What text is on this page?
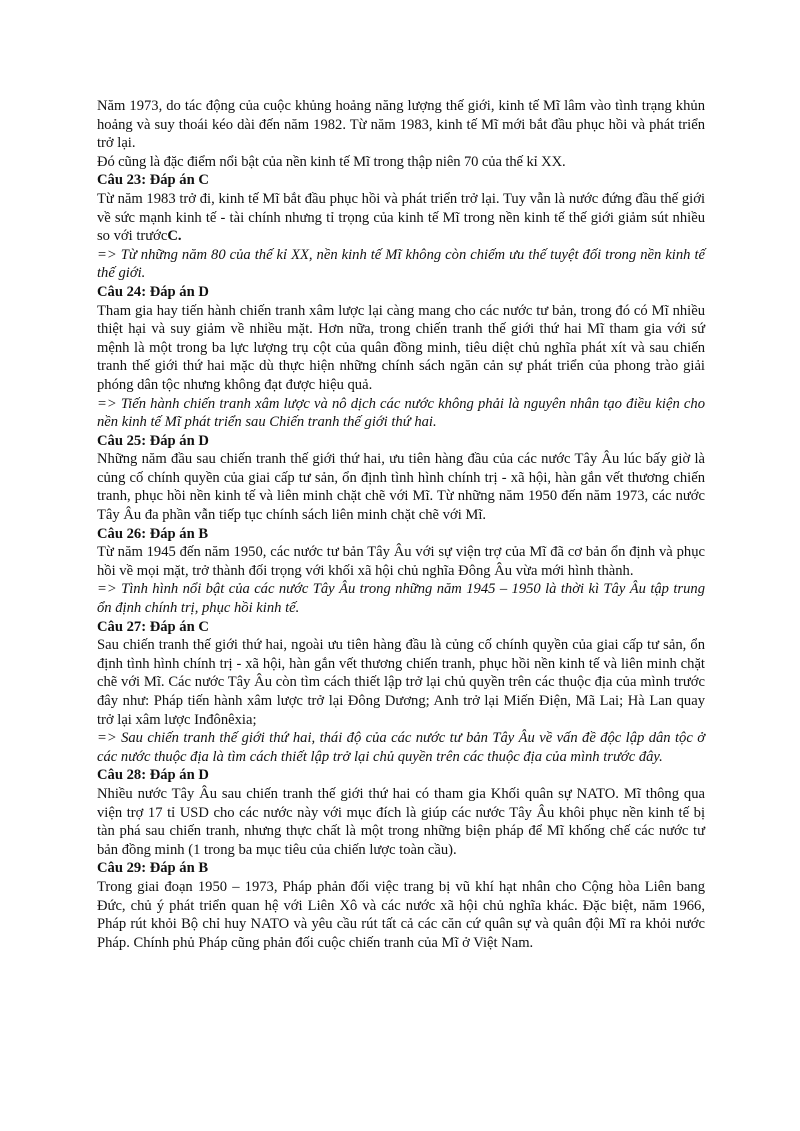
Năm 1973, do tác động của cuộc khủng hoảng năng lượng thế giới, kinh tế Mĩ lâm vào tình trạng khủn hoảng và suy thoái kéo dài đến năm 1982. Từ năm 1983, kinh tế Mĩ mới bắt đầu phục hồi và phát triển trở lại.

Đó cũng là đặc điểm nổi bật của nền kinh tế Mĩ trong thập niên 70 của thế kỉ XX.

Câu 23: Đáp án C

Từ năm 1983 trở đi, kinh tế Mĩ bắt đầu phục hồi và phát triển trở lại. Tuy vẫn là nước đứng đầu thế giới về sức mạnh kinh tế - tài chính nhưng tỉ trọng của kinh tế Mĩ trong nền kinh tế thế giới giảm sút nhiều so với trướcC.

=> Từ những năm 80 của thế kỉ XX, nền kinh tế Mĩ không còn chiếm ưu thế tuyệt đối trong nền kinh tế thế giới.

Câu 24: Đáp án D

Tham gia hay tiến hành chiến tranh xâm lược lại càng mang cho các nước tư bản, trong đó có Mĩ nhiều thiệt hại và suy giảm về nhiều mặt. Hơn nữa, trong chiến tranh thế giới thứ hai Mĩ tham gia với sứ mệnh là một trong ba lực lượng trụ cột của quân đồng minh, tiêu diệt chủ nghĩa phát xít và sau chiến tranh thế giới thứ hai mặc dù thực hiện những chính sách ngăn cản sự phát triển của phong trào giải phóng dân tộc nhưng không đạt được hiệu quả.

=> Tiến hành chiến tranh xâm lược và nô dịch các nước không phải là nguyên nhân tạo điều kiện cho nền kinh tế Mĩ phát triển sau Chiến tranh thế giới thứ hai.

Câu 25: Đáp án D

Những năm đầu sau chiến tranh thế giới thứ hai, ưu tiên hàng đầu của các nước Tây Âu lúc bấy giờ là củng cố chính quyền của giai cấp tư sản, ổn định tình hình chính trị - xã hội, hàn gắn vết thương chiến tranh, phục hồi nền kinh tế và liên minh chặt chẽ với Mĩ. Từ những năm 1950 đến năm 1973, các nước Tây Âu đa phần vẫn tiếp tục chính sách liên minh chặt chẽ với Mĩ.

Câu 26: Đáp án B

Từ năm 1945 đến năm 1950, các nước tư bản Tây Âu với sự viện trợ của Mĩ đã cơ bản ổn định và phục hồi về mọi mặt, trở thành đối trọng với khối xã hội chủ nghĩa Đông Âu vừa mới hình thành.

=> Tình hình nổi bật của các nước Tây Âu trong những năm 1945 – 1950 là thời kì Tây Âu tập trung ổn định chính trị, phục hồi kinh tế.

Câu 27: Đáp án C

Sau chiến tranh thế giới thứ hai, ngoài ưu tiên hàng đầu là củng cố chính quyền của giai cấp tư sản, ổn định tình hình chính trị - xã hội, hàn gắn vết thương chiến tranh, phục hồi nền kinh tế và liên minh chặt chẽ với Mĩ. Các nước Tây Âu còn tìm cách thiết lập trở lại chủ quyền trên các thuộc địa của mình trước đây như: Pháp tiến hành xâm lược trở lại Đông Dương; Anh trở lại Miến Điện, Mã Lai; Hà Lan quay trở lại xâm lược Inđônêxia;

=> Sau chiến tranh thế giới thứ hai, thái độ của các nước tư bản Tây Âu về vấn đề độc lập dân tộc ở các nước thuộc địa là tìm cách thiết lập trở lại chủ quyền trên các thuộc địa của mình trước đây.

Câu 28: Đáp án D

Nhiều nước Tây Âu sau chiến tranh thế giới thứ hai có tham gia Khối quân sự NATO. Mĩ thông qua viện trợ 17 tỉ USD cho các nước này với mục đích là giúp các nước Tây Âu khôi phục nền kinh tế bị tàn phá sau chiến tranh, nhưng thực chất là một trong những biện pháp để Mĩ khống chế các nước tư bản đồng minh (1 trong ba mục tiêu của chiến lược toàn cầu).

Câu 29: Đáp án B

Trong giai đoạn 1950 – 1973, Pháp phản đối việc trang bị vũ khí hạt nhân cho Cộng hòa Liên bang Đức, chủ ý phát triển quan hệ với Liên Xô và các nước xã hội chủ nghĩa khác. Đặc biệt, năm 1966, Pháp rút khỏi Bộ chỉ huy NATO và yêu cầu rút tất cả các căn cứ quân sự và quân đội Mĩ ra khỏi nước Pháp. Chính phủ Pháp cũng phản đối cuộc chiến tranh của Mĩ ở Việt Nam.
